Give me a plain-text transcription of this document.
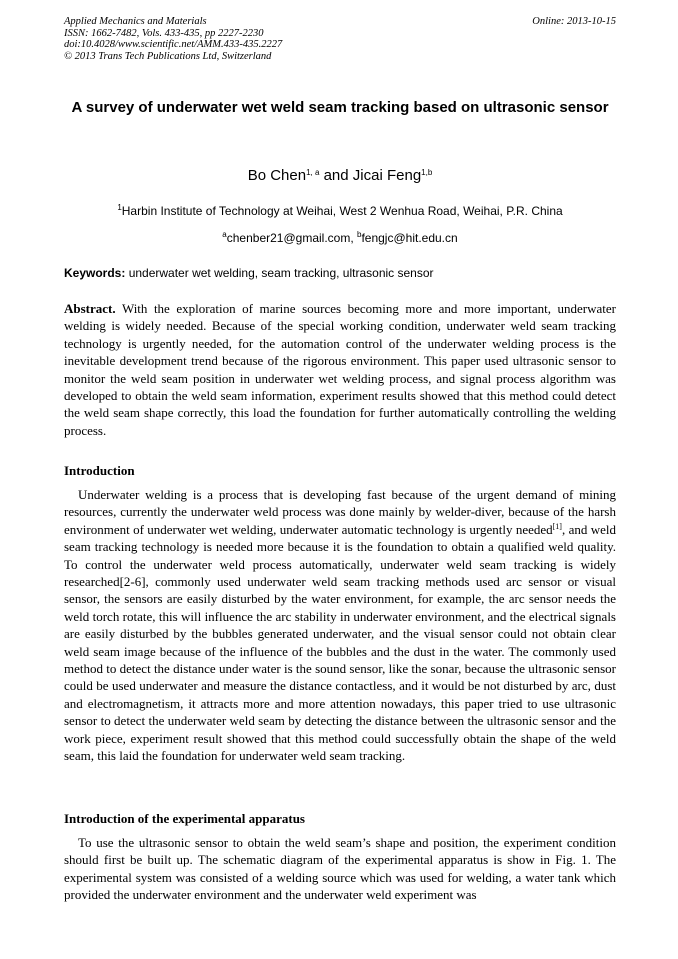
Applied Mechanics and Materials
ISSN: 1662-7482, Vols. 433-435, pp 2227-2230
doi:10.4028/www.scientific.net/AMM.433-435.2227
© 2013 Trans Tech Publications Ltd, Switzerland
Online: 2013-10-15
A survey of underwater wet weld seam tracking based on ultrasonic sensor
Bo Chen$^{1, a}$ and Jicai Feng$^{1,b}$
$^1$Harbin Institute of Technology at Weihai, West 2 Wenhua Road, Weihai, P.R. China
$^a$chenber21@gmail.com, $^b$fengjc@hit.edu.cn
Keywords: underwater wet welding, seam tracking, ultrasonic sensor
Abstract. With the exploration of marine sources becoming more and more important, underwater welding is widely needed. Because of the special working condition, underwater weld seam tracking technology is urgently needed, for the automation control of the underwater welding process is the inevitable development trend because of the rigorous environment. This paper used ultrasonic sensor to monitor the weld seam position in underwater wet welding process, and signal process algorithm was developed to obtain the weld seam information, experiment results showed that this method could detect the weld seam shape correctly, this load the foundation for further automatically controlling the welding process.
Introduction
Underwater welding is a process that is developing fast because of the urgent demand of mining resources, currently the underwater weld process was done mainly by welder-diver, because of the harsh environment of underwater wet welding, underwater automatic technology is urgently needed[1], and weld seam tracking technology is needed more because it is the foundation to obtain a qualified weld quality. To control the underwater weld process automatically, underwater weld seam tracking is widely researched[2-6], commonly used underwater weld seam tracking methods used arc sensor or visual sensor, the sensors are easily disturbed by the water environment, for example, the arc sensor needs the weld torch rotate, this will influence the arc stability in underwater environment, and the electrical signals are easily disturbed by the bubbles generated underwater, and the visual sensor could not obtain clear weld seam image because of the influence of the bubbles and the dust in the water. The commonly used method to detect the distance under water is the sound sensor, like the sonar, because the ultrasonic sensor could be used underwater and measure the distance contactless, and it would be not disturbed by arc, dust and electromagnetism, it attracts more and more attention nowadays, this paper tried to use ultrasonic sensor to detect the underwater weld seam by detecting the distance between the ultrasonic sensor and the work piece, experiment result showed that this method could successfully obtain the shape of the weld seam, this laid the foundation for underwater weld seam tracking.
Introduction of the experimental apparatus
To use the ultrasonic sensor to obtain the weld seam’s shape and position, the experiment condition should first be built up. The schematic diagram of the experimental apparatus is show in Fig. 1. The experimental system was consisted of a welding source which was used for welding, a water tank which provided the underwater environment and the underwater weld experiment was
